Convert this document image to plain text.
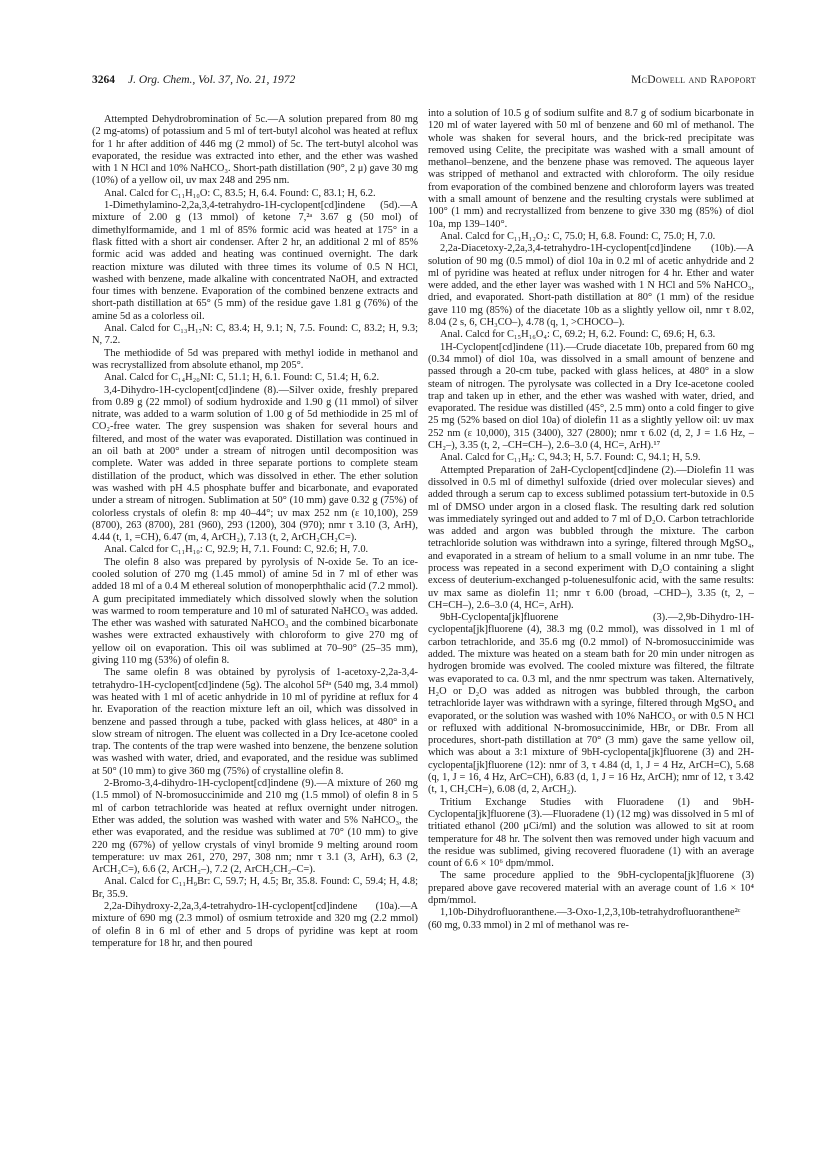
3264 J. Org. Chem., Vol. 37, No. 21, 1972	McDowell and Rapoport

Attempted Dehydrobromination of 5c.—A solution prepared from 80 mg (2 mg-atoms) of potassium and 5 ml of tert-butyl alcohol was heated at reflux for 1 hr after addition of 446 mg (2 mmol) of 5c. The tert-butyl alcohol was evaporated, the residue was extracted into ether, and the ether was washed with 1 N HCl and 10% NaHCO₃. Short-path distillation (90°, 2 μ) gave 30 mg (10%) of a yellow oil, uv max 248 and 295 nm.

Anal. Calcd for C₁₁H₁₀O: C, 83.5; H, 6.4. Found: C, 83.1; H, 6.2.

1-Dimethylamino-2,2a,3,4-tetrahydro-1H-cyclopent[cd]indene (5d).—A mixture of 2.00 g (13 mmol) of ketone 7,²ᵃ 3.67 g (50 mol) of dimethylformamide, and 1 ml of 85% formic acid was heated at 175° in a flask fitted with a short air condenser. After 2 hr, an additional 2 ml of 85% formic acid was added and heating was continued overnight. The dark reaction mixture was diluted with three times its volume of 0.5 N HCl, washed with benzene, made alkaline with concentrated NaOH, and extracted four times with benzene. Evaporation of the combined benzene extracts and short-path distillation at 65° (5 mm) of the residue gave 1.81 g (76%) of the amine 5d as a colorless oil.

Anal. Calcd for C₁₃H₁₇N: C, 83.4; H, 9.1; N, 7.5. Found: C, 83.2; H, 9.3; N, 7.2.

The methiodide of 5d was prepared with methyl iodide in methanol and was recrystallized from absolute ethanol, mp 205°.

Anal. Calcd for C₁₄H₂₀NI: C, 51.1; H, 6.1. Found: C, 51.4; H, 6.2.

3,4-Dihydro-1H-cyclopent[cd]indene (8).—Silver oxide, freshly prepared from 0.89 g (22 mmol) of sodium hydroxide and 1.90 g (11 mmol) of silver nitrate, was added to a warm solution of 1.00 g of 5d methiodide in 25 ml of CO₂-free water. The grey suspension was shaken for several hours and filtered, and most of the water was evaporated. Distillation was continued in an oil bath at 200° under a stream of nitrogen until decomposition was complete. Water was added in three separate portions to complete steam distillation of the product, which was dissolved in ether. The ether solution was washed with pH 4.5 phosphate buffer and bicarbonate, and evaporated under a stream of nitrogen. Sublimation at 50° (10 mm) gave 0.32 g (75%) of colorless crystals of olefin 8: mp 40–44°; uv max 252 nm (ε 10,100), 259 (8700), 263 (8700), 281 (960), 293 (1200), 304 (970); nmr τ 3.10 (3, ArH), 4.44 (t, 1, =CH), 6.47 (m, 4, ArCH₂), 7.13 (t, 2, ArCH₂CH₂C=).

Anal. Calcd for C₁₁H₁₀: C, 92.9; H, 7.1. Found: C, 92.6; H, 7.0.

The olefin 8 also was prepared by pyrolysis of N-oxide 5e. To an ice-cooled solution of 270 mg (1.45 mmol) of amine 5d in 7 ml of ether was added 18 ml of a 0.4 M ethereal solution of monoperphthalic acid (7.2 mmol). A gum precipitated immediately which dissolved slowly when the solution was warmed to room temperature and 10 ml of saturated NaHCO₃ was added. The ether was washed with saturated NaHCO₃ and the combined bicarbonate washes were extracted exhaustively with chloroform to give 270 mg of yellow oil on evaporation. This oil was sublimed at 70–90° (25–35 mm), giving 110 mg (53%) of olefin 8.

The same olefin 8 was obtained by pyrolysis of 1-acetoxy-2,2a-3,4-tetrahydro-1H-cyclopent[cd]indene (5g). The alcohol 5f²ᵃ (540 mg, 3.4 mmol) was heated with 1 ml of acetic anhydride in 10 ml of pyridine at reflux for 4 hr. Evaporation of the reaction mixture left an oil, which was dissolved in benzene and passed through a tube, packed with glass helices, at 480° in a slow stream of nitrogen. The eluent was collected in a Dry Ice-acetone cooled trap. The contents of the trap were washed into benzene, the benzene solution was washed with water, dried, and evaporated, and the residue was sublimed at 50° (10 mm) to give 360 mg (75%) of crystalline olefin 8.

2-Bromo-3,4-dihydro-1H-cyclopent[cd]indene (9).—A mixture of 260 mg (1.5 mmol) of N-bromosuccinimide and 210 mg (1.5 mmol) of olefin 8 in 5 ml of carbon tetrachloride was heated at reflux overnight under nitrogen. Ether was added, the solution was washed with water and 5% NaHCO₃, the ether was evaporated, and the residue was sublimed at 70° (10 mm) to give 220 mg (67%) of yellow crystals of vinyl bromide 9 melting around room temperature: uv max 261, 270, 297, 308 nm; nmr τ 3.1 (3, ArH), 6.3 (2, ArCH₂C=), 6.6 (2, ArCH₂–), 7.2 (2, ArCH₂CH₂–C=).

Anal. Calcd for C₁₁H₉Br: C, 59.7; H, 4.5; Br, 35.8. Found: C, 59.4; H, 4.8; Br, 35.9.

2,2a-Dihydroxy-2,2a,3,4-tetrahydro-1H-cyclopent[cd]indene (10a).—A mixture of 690 mg (2.3 mmol) of osmium tetroxide and 320 mg (2.2 mmol) of olefin 8 in 6 ml of ether and 5 drops of pyridine was kept at room temperature for 18 hr, and then poured

into a solution of 10.5 g of sodium sulfite and 8.7 g of sodium bicarbonate in 120 ml of water layered with 50 ml of benzene and 60 ml of methanol. The whole was shaken for several hours, and the brick-red precipitate was removed using Celite, the precipitate was washed with a small amount of methanol–benzene, and the benzene phase was removed. The aqueous layer was stripped of methanol and extracted with chloroform. The oily residue from evaporation of the combined benzene and chloroform layers was treated with a small amount of benzene and the resulting crystals were sublimed at 100° (1 mm) and recrystallized from benzene to give 330 mg (85%) of diol 10a, mp 139–140°.

Anal. Calcd for C₁₁H₁₂O₂: C, 75.0; H, 6.8. Found: C, 75.0; H, 7.0.

2,2a-Diacetoxy-2,2a,3,4-tetrahydro-1H-cyclopent[cd]indene (10b).—A solution of 90 mg (0.5 mmol) of diol 10a in 0.2 ml of acetic anhydride and 2 ml of pyridine was heated at reflux under nitrogen for 4 hr. Ether and water were added, and the ether layer was washed with 1 N HCl and 5% NaHCO₃, dried, and evaporated. Short-path distillation at 80° (1 mm) of the residue gave 110 mg (85%) of the diacetate 10b as a slightly yellow oil, nmr τ 8.02, 8.04 (2 s, 6, CH₃CO–), 4.78 (q, 1, >CHOCO–).

Anal. Calcd for C₁₅H₁₆O₄: C, 69.2; H, 6.2. Found: C, 69.6; H, 6.3.

1H-Cyclopent[cd]indene (11).—Crude diacetate 10b, prepared from 60 mg (0.34 mmol) of diol 10a, was dissolved in a small amount of benzene and passed through a 20-cm tube, packed with glass helices, at 480° in a slow steam of nitrogen. The pyrolysate was collected in a Dry Ice-acetone cooled trap and taken up in ether, and the ether was washed with water, dried, and evaporated. The residue was distilled (45°, 2.5 mm) onto a cold finger to give 25 mg (52% based on diol 10a) of diolefin 11 as a slightly yellow oil: uv max 252 nm (ε 10,000), 315 (3400), 327 (2800); nmr τ 6.02 (d, 2, J = 1.6 Hz, –CH₂–), 3.35 (t, 2, –CH=CH–), 2.6–3.0 (4, HC=, ArH).¹⁷

Anal. Calcd for C₁₁H₈: C, 94.3; H, 5.7. Found: C, 94.1; H, 5.9.

Attempted Preparation of 2aH-Cyclopent[cd]indene (2).—Diolefin 11 was dissolved in 0.5 ml of dimethyl sulfoxide (dried over molecular sieves) and added through a serum cap to excess sublimed potassium tert-butoxide in 0.5 ml of DMSO under argon in a closed flask. The resulting dark red solution was immediately syringed out and added to 7 ml of D₂O. Carbon tetrachloride was added and argon was bubbled through the mixture. The carbon tetrachloride solution was withdrawn into a syringe, filtered through MgSO₄, and evaporated in a stream of helium to a small volume in an nmr tube. The process was repeated in a second experiment with D₂O containing a slight excess of deuterium-exchanged p-toluenesulfonic acid, with the same results: uv max same as diolefin 11; nmr τ 6.00 (broad, –CHD–), 3.35 (t, 2, –CH=CH–), 2.6–3.0 (4, HC=, ArH).

9bH-Cyclopenta[jk]fluorene (3).—2,9b-Dihydro-1H-cyclopenta[jk]fluorene (4), 38.3 mg (0.2 mmol), was dissolved in 1 ml of carbon tetrachloride, and 35.6 mg (0.2 mmol) of N-bromosuccinimide was added. The mixture was heated on a steam bath for 20 min under nitrogen as hydrogen bromide was evolved. The cooled mixture was filtered, the filtrate was evaporated to ca. 0.3 ml, and the nmr spectrum was taken. Alternatively, H₂O or D₂O was added as nitrogen was bubbled through, the carbon tetrachloride layer was withdrawn with a syringe, filtered through MgSO₄ and evaporated, or the solution was washed with 10% NaHCO₃ or with 0.5 N HCl or refluxed with additional N-bromosuccinimide, HBr, or DBr. From all procedures, short-path distillation at 70° (3 mm) gave the same yellow oil, which was about a 3:1 mixture of 9bH-cyclopenta[jk]fluorene (3) and 2H-cyclopenta[jk]fluorene (12): nmr of 3, τ 4.84 (d, 1, J = 4 Hz, ArCH=C), 5.68 (q, 1, J = 16, 4 Hz, ArC=CH), 6.83 (d, 1, J = 16 Hz, ArCH); nmr of 12, τ 3.42 (t, 1, CH₂CH=), 6.08 (d, 2, ArCH₂).

Tritium Exchange Studies with Fluoradene (1) and 9bH-Cyclopenta[jk]fluorene (3).—Fluoradene (1) (12 mg) was dissolved in 5 ml of tritiated ethanol (200 μCi/ml) and the solution was allowed to sit at room temperature for 48 hr. The solvent then was removed under high vacuum and the residue was sublimed, giving recovered fluoradene (1) with an average count of 6.6 × 10⁶ dpm/mmol.

The same procedure applied to the 9bH-cyclopenta[jk]fluorene (3) prepared above gave recovered material with an average count of 1.6 × 10⁴ dpm/mmol.

1,10b-Dihydrofluoranthene.—3-Oxo-1,2,3,10b-tetrahydrofluoranthene²ᶜ (60 mg, 0.33 mmol) in 2 ml of methanol was re-
